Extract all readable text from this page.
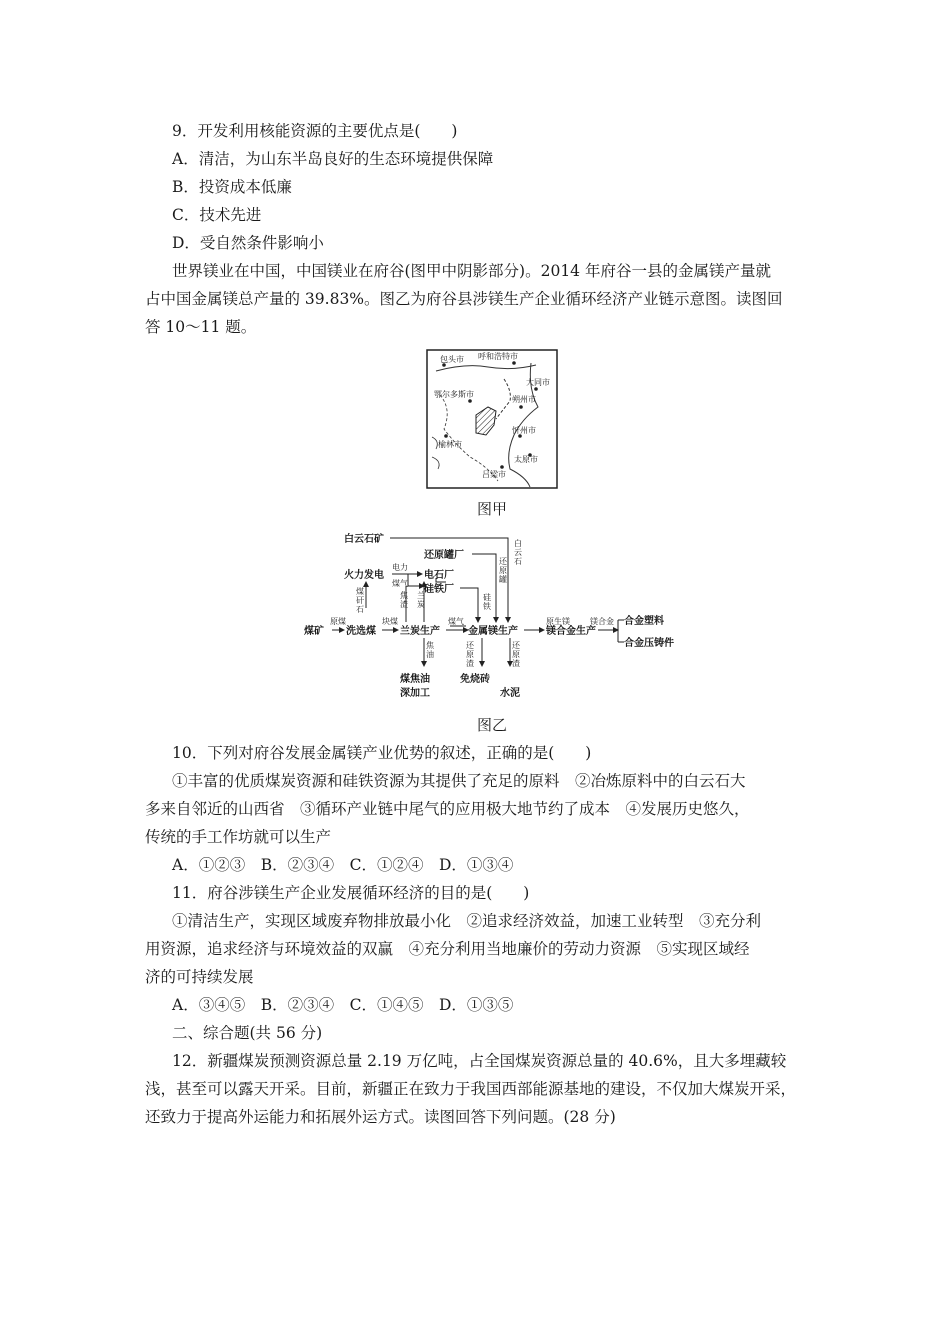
9．开发利用核能资源的主要优点是(　　)
A．清洁，为山东半岛良好的生态环境提供保障
B．投资成本低廉
C．技术先进
D．受自然条件影响小
世界镁业在中国，中国镁业在府谷(图甲中阴影部分)。2014 年府谷一县的金属镁产量就
占中国金属镁总产量的 39.83%。图乙为府谷县涉镁生产企业循环经济产业链示意图。读图回
答 10～11 题。
包头市 呼和浩特市
大同市
鄂尔多斯市
朔州市
忻州市
榆林市
太原市
吕梁市
图甲
白云石矿
还原罐厂
火力发电	电石厂
硅铁厂
煤矿 洗选煤 兰炭生产	金属镁生产	镁合金生产
合金塑料
合金压铸件
煤焦油
深加工
免烧砖
水泥
原煤	块煤
煤气
电力
煤气	原生镁	镁合金
煤
矸
石
焦
渣
兰
炭
硅
铁
还
原
罐
白
云
石
焦
油
还
原
渣
还
原
渣
图乙
10．下列对府谷发展金属镁产业优势的叙述，正确的是(　　)
①丰富的优质煤炭资源和硅铁资源为其提供了充足的原料　②冶炼原料中的白云石大
多来自邻近的山西省　③循环产业链中尾气的应用极大地节约了成本　④发展历史悠久，
传统的手工作坊就可以生产
A．①②③　B．②③④　C．①②④　D．①③④
11．府谷涉镁生产企业发展循环经济的目的是(　　)
①清洁生产，实现区域废弃物排放最小化　②追求经济效益，加速工业转型　③充分利
用资源，追求经济与环境效益的双赢　④充分利用当地廉价的劳动力资源　⑤实现区域经
济的可持续发展
A．③④⑤　B．②③④　C．①④⑤　D．①③⑤
二、综合题(共 56 分)
12．新疆煤炭预测资源总量 2.19 万亿吨，占全国煤炭资源总量的 40.6%，且大多埋藏较
浅，甚至可以露天开采。目前，新疆正在致力于我国西部能源基地的建设，不仅加大煤炭开采，
还致力于提高外运能力和拓展外运方式。读图回答下列问题。(28 分)
